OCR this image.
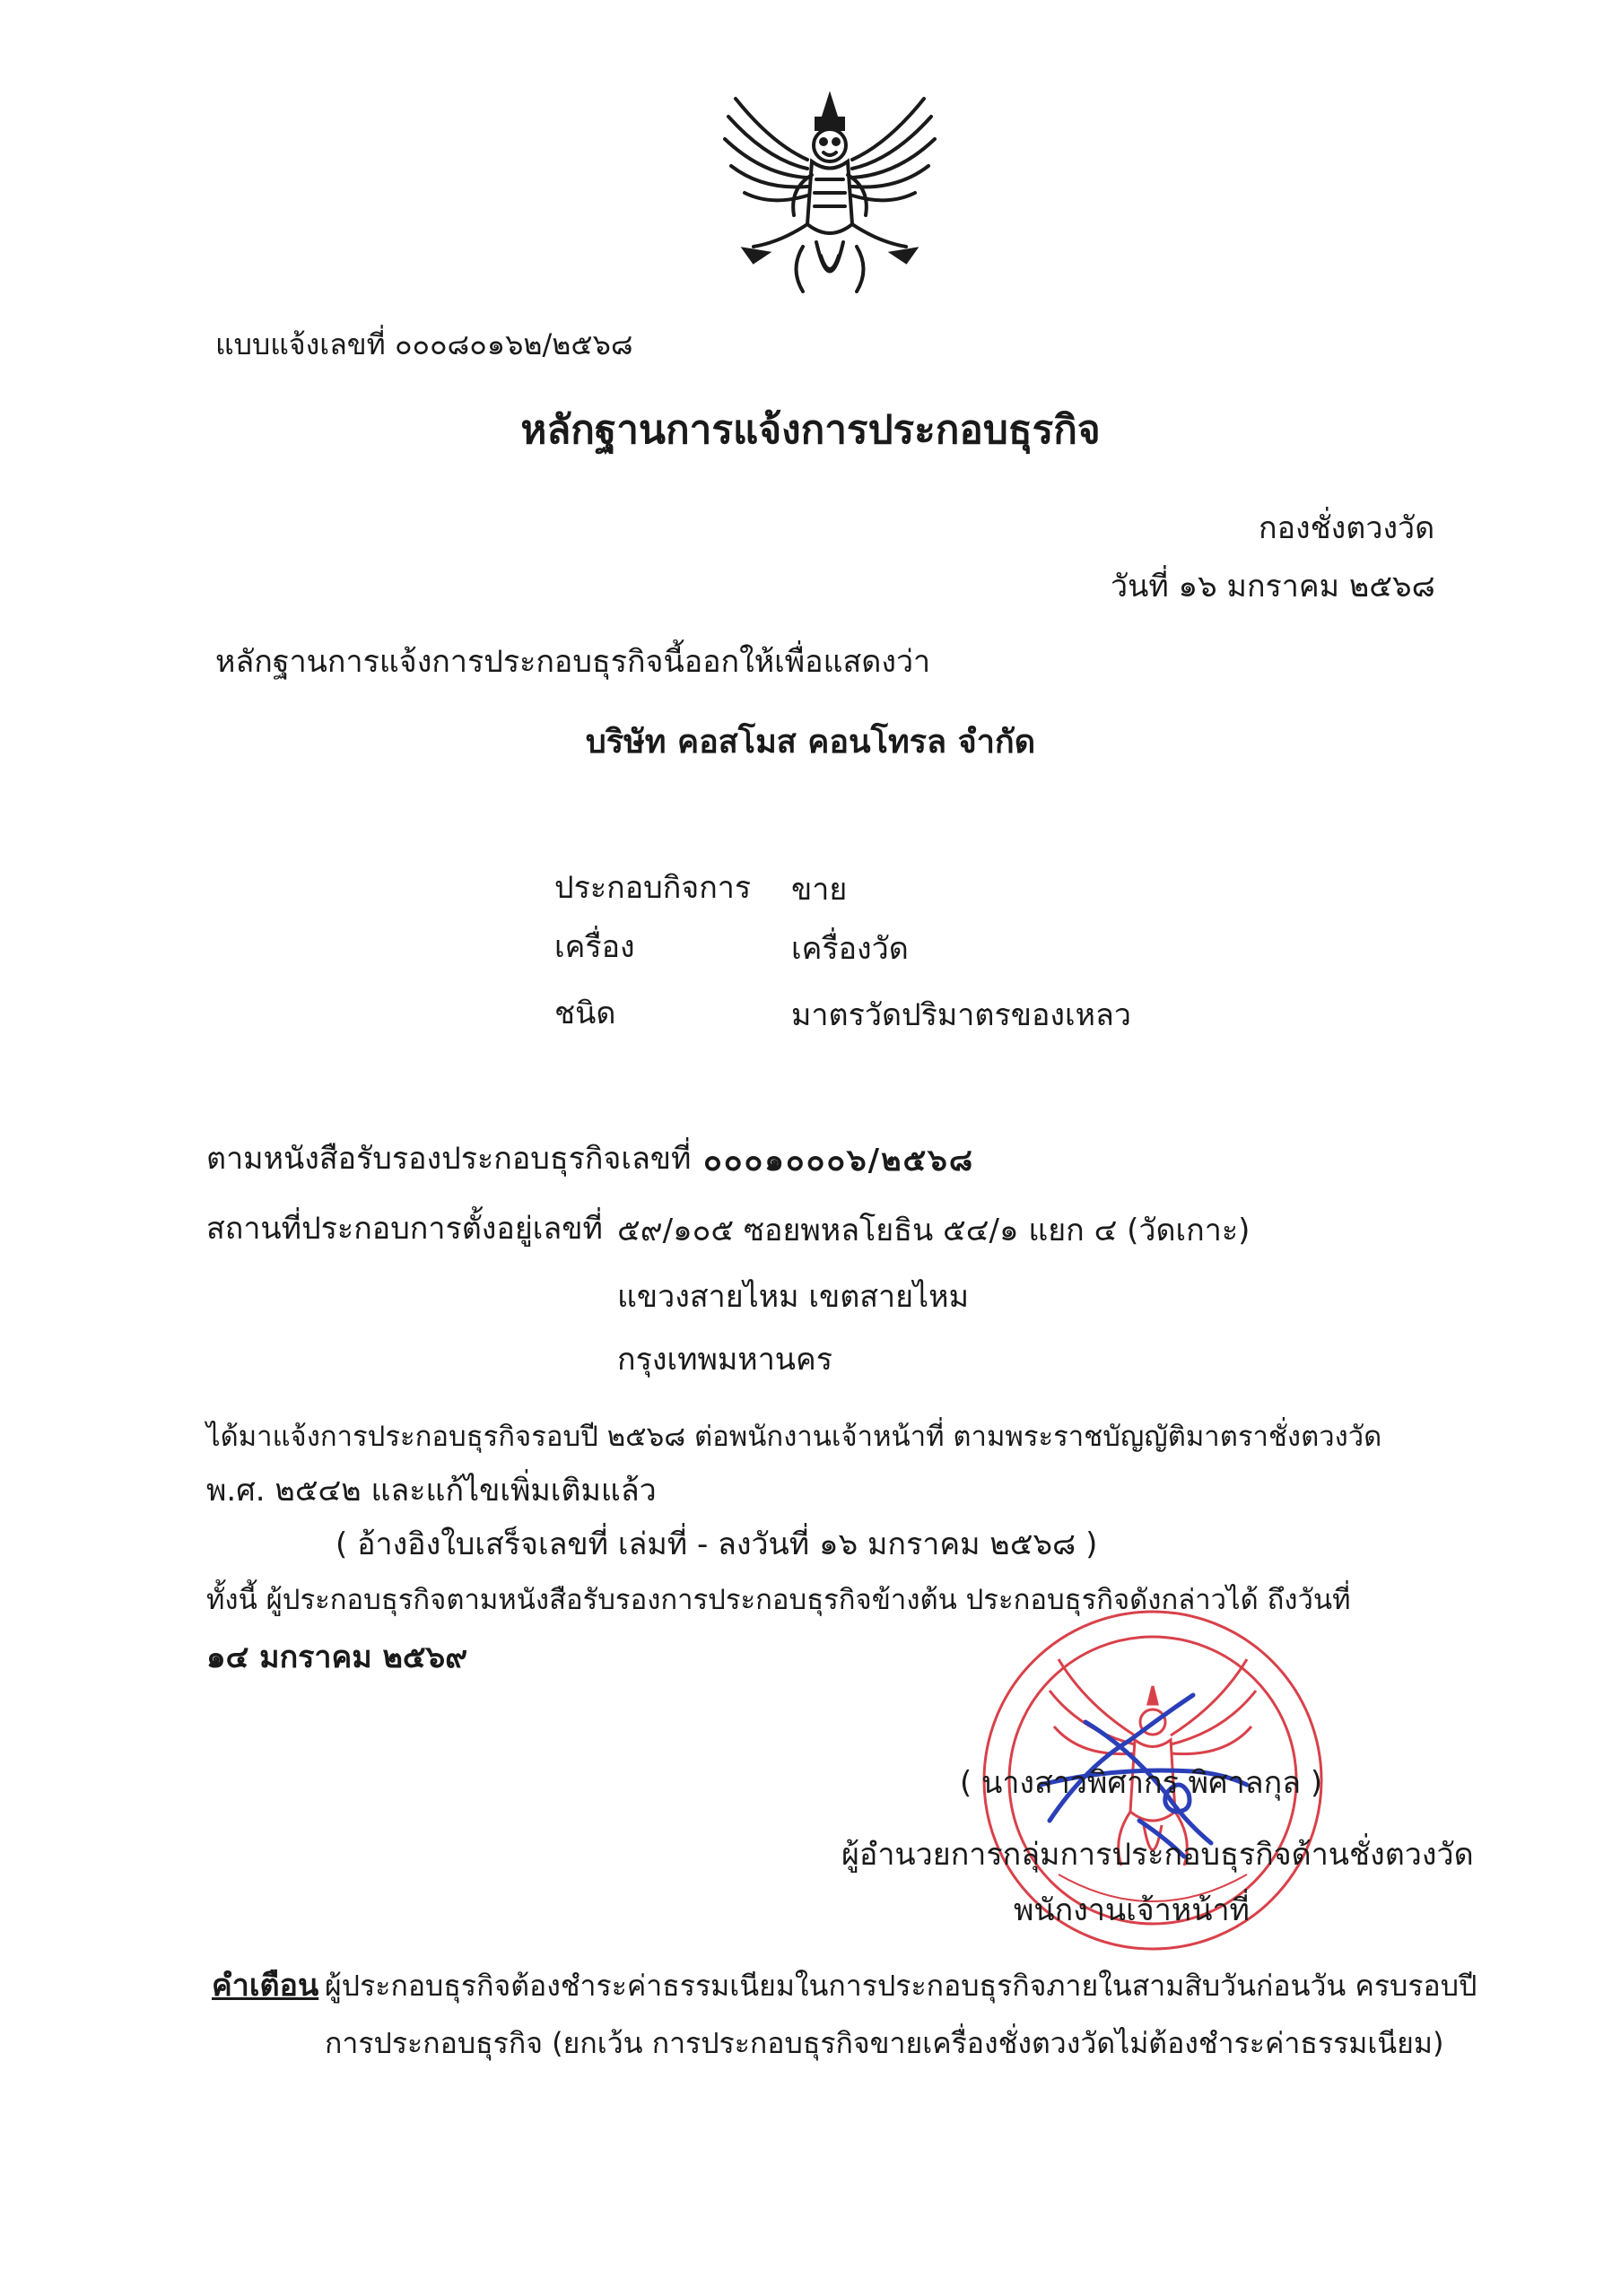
แบบแจ้งเลขที่ ๐๐๐๘๐๑๖๒/๒๕๖๘
หลักฐานการแจ้งการประกอบธุรกิจ
กองชั่งตวงวัด
วันที่ ๑๖ มกราคม ๒๕๖๘
หลักฐานการแจ้งการประกอบธุรกิจนี้ออกให้เพื่อแสดงว่า
บริษัท คอสโมส คอนโทรล จำกัด
ประกอบกิจการ ขาย
เครื่อง	เครื่องวัด
ชนิด	มาตรวัดปริมาตรของเหลว
ตามหนังสือรับรองประกอบธุรกิจเลขที่ ๐๐๐๑๐๐๐๖/๒๕๖๘
สถานที่ประกอบการตั้งอยู่เลขที่ ๕๙/๑๐๕ ซอยพหลโยธิน ๕๔/๑ แยก ๔ (วัดเกาะ)
แขวงสายไหม เขตสายไหม
กรุงเทพมหานคร
ได้มาแจ้งการประกอบธุรกิจรอบปี ๒๕๖๘ ต่อพนักงานเจ้าหน้าที่ ตามพระราชบัญญัติมาตราชั่งตวงวัด
พ.ศ. ๒๕๔๒ และแก้ไขเพิ่มเติมแล้ว
( อ้างอิงใบเสร็จเลขที่ เล่มที่ - ลงวันที่ ๑๖ มกราคม ๒๕๖๘ )
ทั้งนี้ ผู้ประกอบธุรกิจตามหนังสือรับรองการประกอบธุรกิจข้างต้น ประกอบธุรกิจดังกล่าวได้ ถึงวันที่
๑๔ มกราคม ๒๕๖๙
( นางสาวพิศากร พิศาลกุล )
ผู้อำนวยการกลุ่มการประกอบธุรกิจด้านชั่งตวงวัด
พนักงานเจ้าหน้าที่
คำเตือน ผู้ประกอบธุรกิจต้องชำระค่าธรรมเนียมในการประกอบธุรกิจภายในสามสิบวันก่อนวัน ครบรอบปี
การประกอบธุรกิจ (ยกเว้น การประกอบธุรกิจขายเครื่องชั่งตวงวัดไม่ต้องชำระค่าธรรมเนียม)
